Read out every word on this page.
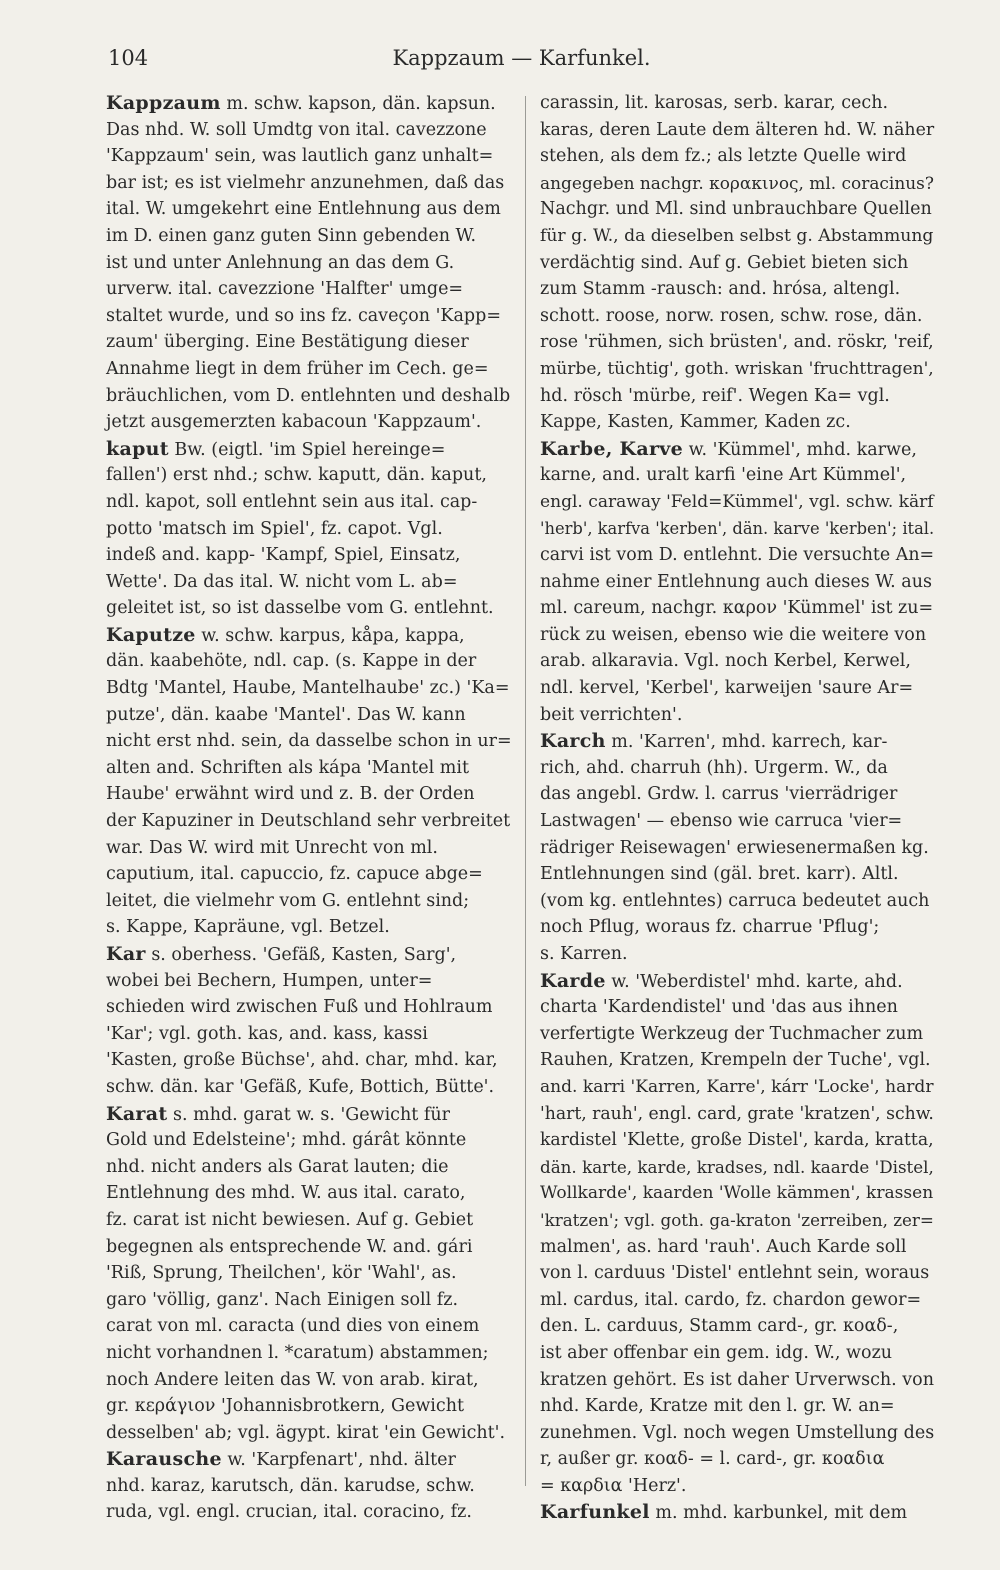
104	Kappzaum — Karfunkel.
Kappzaum m. schw. kapson, dän. kapsun.
Das nhd. W. soll Umdtg von ital. cavezzone
'Kappzaum' sein, was lautlich ganz unhalt=
bar ist; es ist vielmehr anzunehmen, daß das
ital. W. umgekehrt eine Entlehnung aus dem
im D. einen ganz guten Sinn gebenden W.
ist und unter Anlehnung an das dem G.
urverw. ital. cavezzione 'Halfter' umge=
staltet wurde, und so ins fz. caveçon 'Kapp=
zaum' überging. Eine Bestätigung dieser
Annahme liegt in dem früher im Cech. ge=
bräuchlichen, vom D. entlehnten und deshalb
jetzt ausgemerzten kabacoun 'Kappzaum'.
kaput Bw. (eigtl. 'im Spiel hereinge=
fallen') erst nhd.; schw. kaputt, dän. kaput,
ndl. kapot, soll entlehnt sein aus ital. cap-
potto 'matsch im Spiel', fz. capot. Vgl.
indeß and. kapp- 'Kampf, Spiel, Einsatz,
Wette'. Da das ital. W. nicht vom L. ab=
geleitet ist, so ist dasselbe vom G. entlehnt.
Kaputze w. schw. karpus, kåpa, kappa,
dän. kaabehöte, ndl. cap. (s. Kappe in der
Bdtg 'Mantel, Haube, Mantelhaube' zc.) 'Ka=
putze', dän. kaabe 'Mantel'. Das W. kann
nicht erst nhd. sein, da dasselbe schon in ur=
alten and. Schriften als kápa 'Mantel mit
Haube' erwähnt wird und z. B. der Orden
der Kapuziner in Deutschland sehr verbreitet
war. Das W. wird mit Unrecht von ml.
caputium, ital. capuccio, fz. capuce abge=
leitet, die vielmehr vom G. entlehnt sind;
s. Kappe, Kapräune, vgl. Betzel.
Kar s. oberhess. 'Gefäß, Kasten, Sarg',
wobei bei Bechern, Humpen, unter=
schieden wird zwischen Fuß und Hohlraum
'Kar'; vgl. goth. kas, and. kass, kassi
'Kasten, große Büchse', ahd. char, mhd. kar,
schw. dän. kar 'Gefäß, Kufe, Bottich, Bütte'.
Karat s. mhd. garat w. s. 'Gewicht für
Gold und Edelsteine'; mhd. gárât könnte
nhd. nicht anders als Garat lauten; die
Entlehnung des mhd. W. aus ital. carato,
fz. carat ist nicht bewiesen. Auf g. Gebiet
begegnen als entsprechende W. and. gári
'Riß, Sprung, Theilchen', kör 'Wahl', as.
garo 'völlig, ganz'. Nach Einigen soll fz.
carat von ml. caracta (und dies von einem
nicht vorhandnen l. *caratum) abstammen;
noch Andere leiten das W. von arab. kirat,
gr. κεράγιον 'Johannisbrotkern, Gewicht
desselben' ab; vgl. ägypt. kirat 'ein Gewicht'.
Karausche w. 'Karpfenart', nhd. älter
nhd. karaz, karutsch, dän. karudse, schw.
ruda, vgl. engl. crucian, ital. coracino, fz.
carassin, lit. karosas, serb. karar, cech.
karas, deren Laute dem älteren hd. W. näher
stehen, als dem fz.; als letzte Quelle wird
angegeben nachgr. κορακινος, ml. coracinus?
Nachgr. und Ml. sind unbrauchbare Quellen
für g. W., da dieselben selbst g. Abstammung
verdächtig sind. Auf g. Gebiet bieten sich
zum Stamm -rausch: and. hrósa, altengl.
schott. roose, norw. rosen, schw. rose, dän.
rose 'rühmen, sich brüsten', and. röskr, 'reif,
mürbe, tüchtig', goth. wriskan 'fruchttragen',
hd. rösch 'mürbe, reif'. Wegen Ka= vgl.
Kappe, Kasten, Kammer, Kaden zc.
Karbe, Karve w. 'Kümmel', mhd. karwe,
karne, and. uralt karfi 'eine Art Kümmel',
engl. caraway 'Feld=Kümmel', vgl. schw. kärf
'herb', karfva 'kerben', dän. karve 'kerben'; ital.
carvi ist vom D. entlehnt. Die versuchte An=
nahme einer Entlehnung auch dieses W. aus
ml. careum, nachgr. καρον 'Kümmel' ist zu=
rück zu weisen, ebenso wie die weitere von
arab. alkaravia. Vgl. noch Kerbel, Kerwel,
ndl. kervel, 'Kerbel', karweijen 'saure Ar=
beit verrichten'.
Karch m. 'Karren', mhd. karrech, kar-
rich, ahd. charruh (hh). Urgerm. W., da
das angebl. Grdw. l. carrus 'vierrädriger
Lastwagen' — ebenso wie carruca 'vier=
rädriger Reisewagen' erwiesenermaßen kg.
Entlehnungen sind (gäl. bret. karr). Altl.
(vom kg. entlehntes) carruca bedeutet auch
noch Pflug, woraus fz. charrue 'Pflug';
s. Karren.
Karde w. 'Weberdistel' mhd. karte, ahd.
charta 'Kardendistel' und 'das aus ihnen
verfertigte Werkzeug der Tuchmacher zum
Rauhen, Kratzen, Krempeln der Tuche', vgl.
and. karri 'Karren, Karre', kárr 'Locke', hardr
'hart, rauh', engl. card, grate 'kratzen', schw.
kardistel 'Klette, große Distel', karda, kratta,
dän. karte, karde, kradses, ndl. kaarde 'Distel,
Wollkarde', kaarden 'Wolle kämmen', krassen
'kratzen'; vgl. goth. ga-kraton 'zerreiben, zer=
malmen', as. hard 'rauh'. Auch Karde soll
von l. carduus 'Distel' entlehnt sein, woraus
ml. cardus, ital. cardo, fz. chardon gewor=
den. L. carduus, Stamm card-, gr. κοαδ-,
ist aber offenbar ein gem. idg. W., wozu
kratzen gehört. Es ist daher Urverwsch. von
nhd. Karde, Kratze mit den l. gr. W. an=
zunehmen. Vgl. noch wegen Umstellung des
r, außer gr. κοαδ- = l. card-, gr. κοαδια
= καρδια 'Herz'.
Karfunkel m. mhd. karbunkel, mit dem
